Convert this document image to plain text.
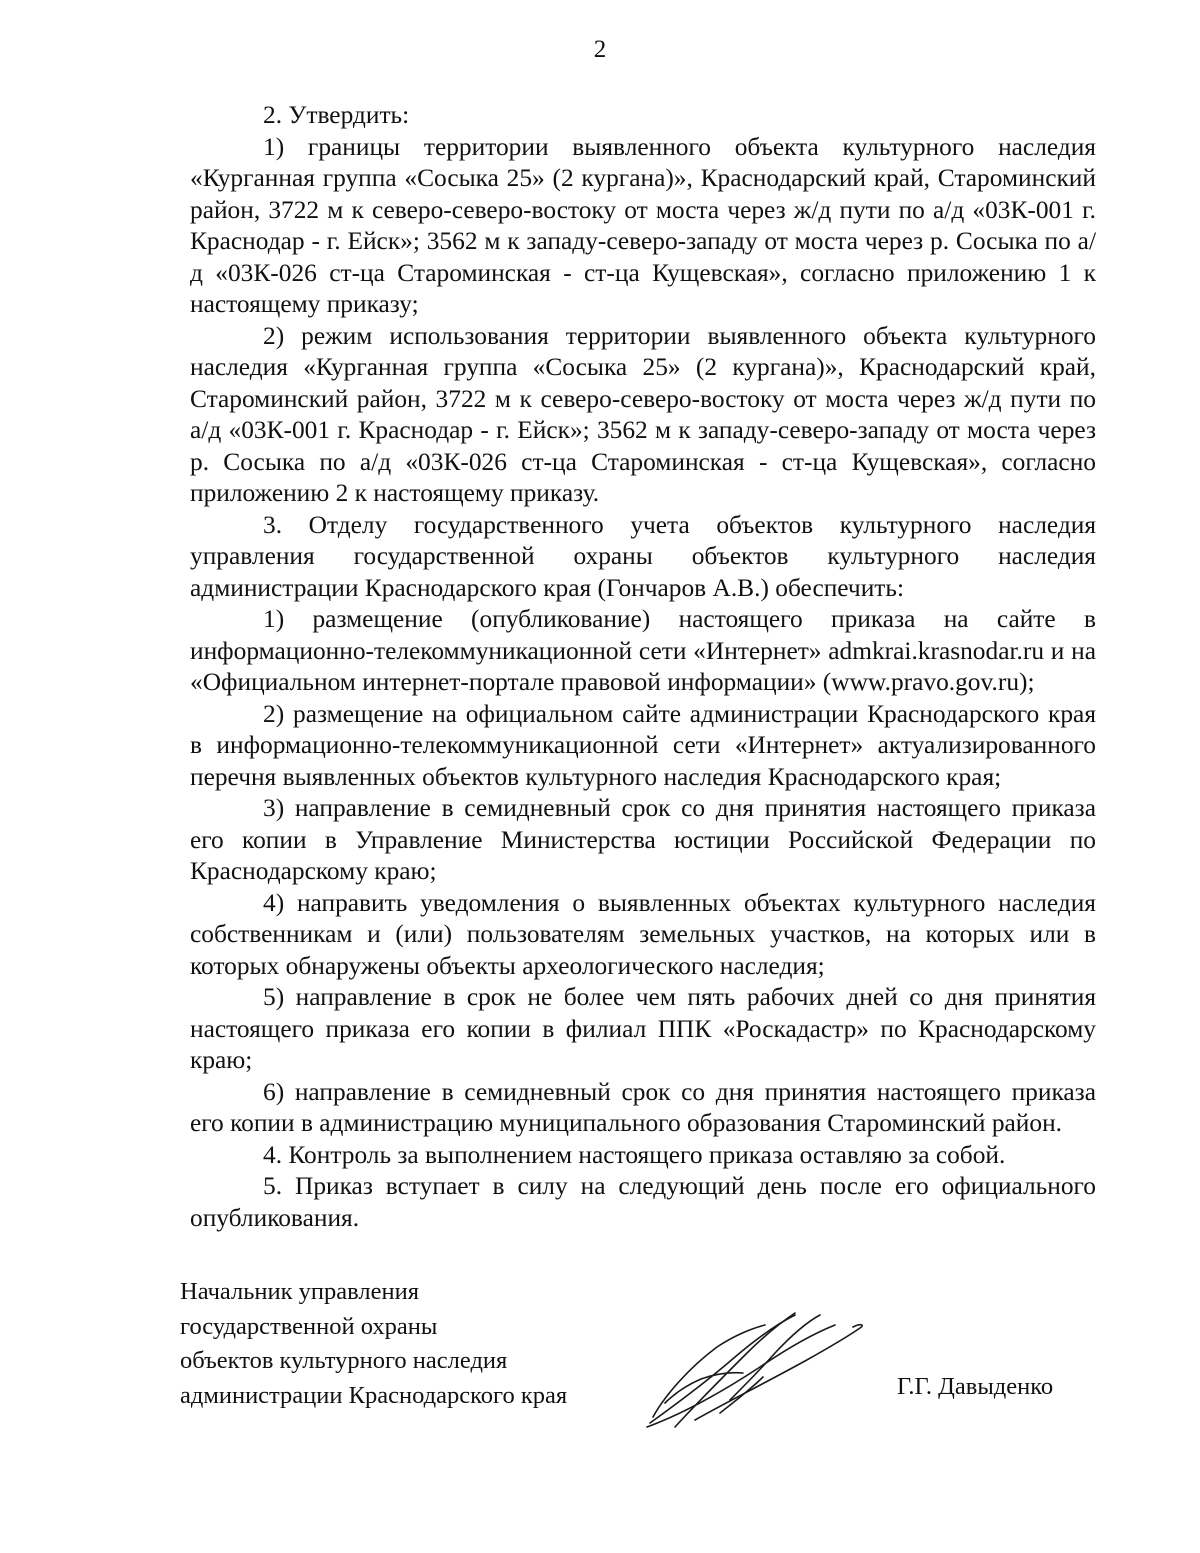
2

2. Утвердить:

1) границы территории выявленного объекта культурного наследия «Курганная группа «Сосыка 25» (2 кургана)», Краснодарский край, Староминский район, 3722 м к северо-северо-востоку от моста через ж/д пути по а/д «03К-001 г. Краснодар - г. Ейск»; 3562 м к западу-северо-западу от моста через р. Сосыка по а/д «03К-026 ст-ца Староминская - ст-ца Кущевская», согласно приложению 1 к настоящему приказу;

2) режим использования территории выявленного объекта культурного наследия «Курганная группа «Сосыка 25» (2 кургана)», Краснодарский край, Староминский район, 3722 м к северо-северо-востоку от моста через ж/д пути по а/д «03К-001 г. Краснодар - г. Ейск»; 3562 м к западу-северо-западу от моста через р. Сосыка по а/д «03К-026 ст-ца Староминская - ст-ца Кущевская», согласно приложению 2 к настоящему приказу.

3. Отделу государственного учета объектов культурного наследия управления государственной охраны объектов культурного наследия администрации Краснодарского края (Гончаров А.В.) обеспечить:

1) размещение (опубликование) настоящего приказа на сайте в информационно-телекоммуникационной сети «Интернет» admkrai.krasnodar.ru и на «Официальном интернет-портале правовой информации» (www.pravo.gov.ru);

2) размещение на официальном сайте администрации Краснодарского края в информационно-телекоммуникационной сети «Интернет» актуализированного перечня выявленных объектов культурного наследия Краснодарского края;

3) направление в семидневный срок со дня принятия настоящего приказа его копии в Управление Министерства юстиции Российской Федерации по Краснодарскому краю;

4) направить уведомления о выявленных объектах культурного наследия собственникам и (или) пользователям земельных участков, на которых или в которых обнаружены объекты археологического наследия;

5) направление в срок не более чем пять рабочих дней со дня принятия настоящего приказа его копии в филиал ППК «Роскадастр» по Краснодарскому краю;

6) направление в семидневный срок со дня принятия настоящего приказа его копии в администрацию муниципального образования Староминский район.

4. Контроль за выполнением настоящего приказа оставляю за собой.

5. Приказ вступает в силу на следующий день после его официального опубликования.

Начальник управления
государственной охраны
объектов культурного наследия
администрации Краснодарского края	Г.Г. Давыденко
